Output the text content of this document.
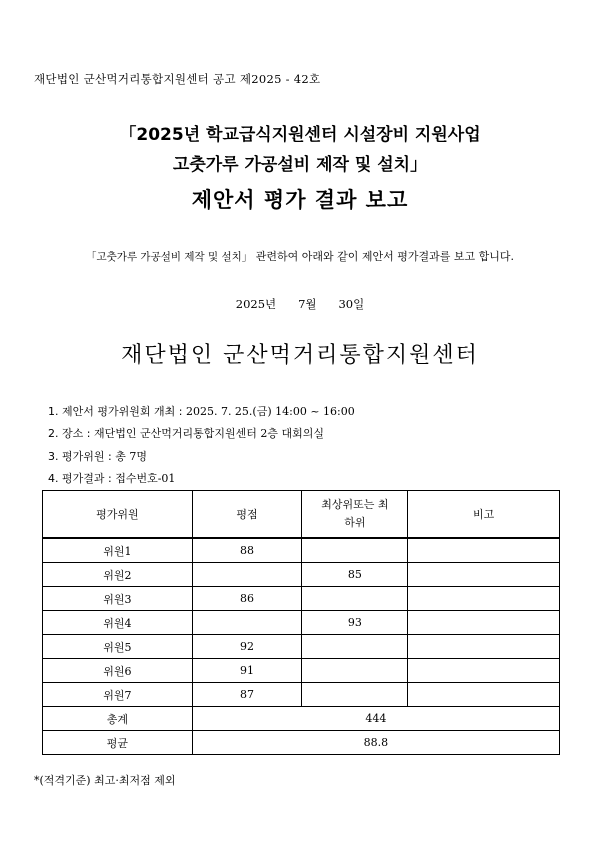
재단법인 군산먹거리통합지원센터 공고 제2025 - 42호
「2025년 학교급식지원센터 시설장비 지원사업
고춧가루 가공설비 제작 및 설치」
제안서 평가 결과 보고
「고춧가루 가공설비 제작 및 설치」 관련하여 아래와 같이 제안서 평가결과를 보고 합니다.
2025년 7월 30일
재단법인 군산먹거리통합지원센터
1. 제안서 평가위원회 개최 : 2025. 7. 25.(금) 14:00 ~ 16:00
2. 장소 : 재단법인 군산먹거리통합지원센터 2층 대회의실
3. 평가위원 : 총 7명
4. 평가결과 : 접수번호-01
평가위원	평점	최상위또는 최하위	비고
위원1	88		
위원2		85	
위원3	86		
위원4		93	
위원5	92		
위원6	91		
위원7	87		
총계	444		
평균	88.8		
*(적격기준) 최고·최저점 제외
